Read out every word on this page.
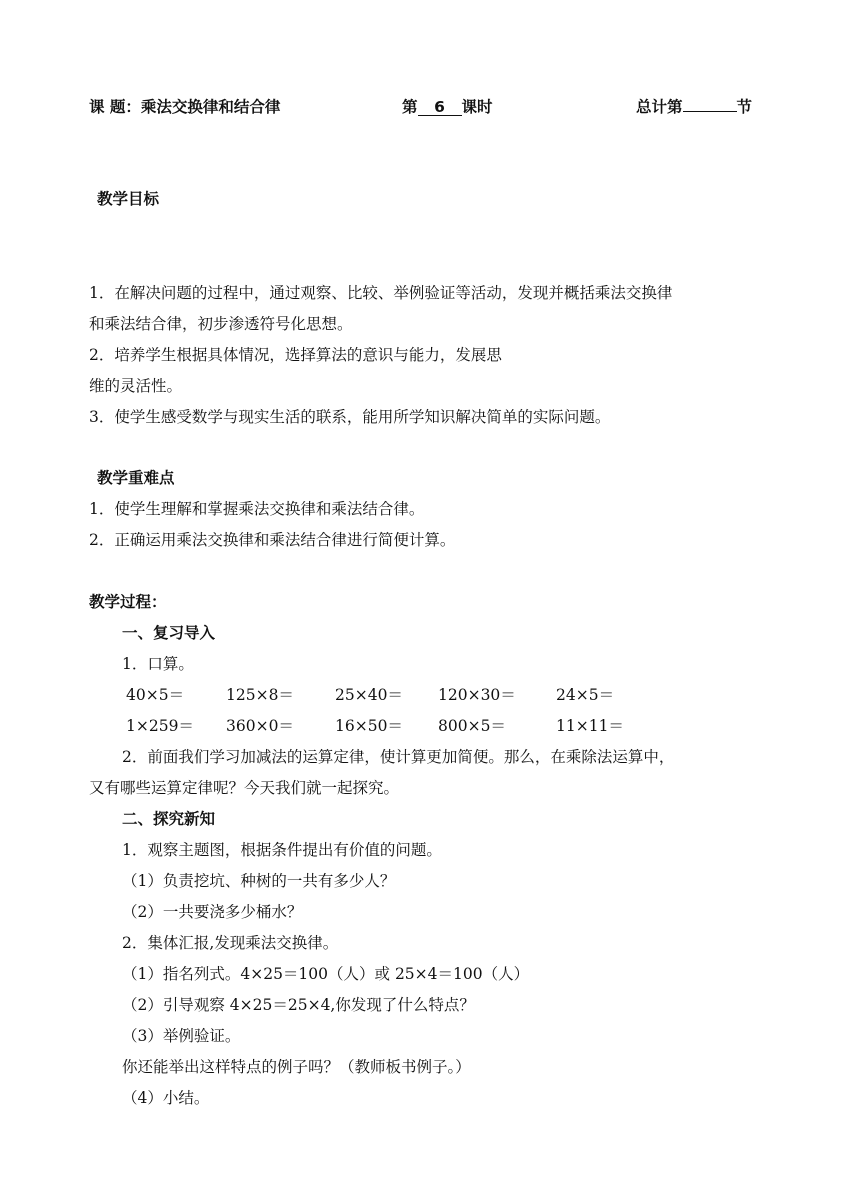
课 题：乘法交换律和结合律	第 6 课时	总计第	节
教学目标
1．在解决问题的过程中，通过观察、比较、举例验证等活动，发现并概括乘法交换律
和乘法结合律，初步渗透符号化思想。
2．培养学生根据具体情况，选择算法的意识与能力，发展思
维的灵活性。
3．使学生感受数学与现实生活的联系，能用所学知识解决简单的实际问题。
教学重难点
1．使学生理解和掌握乘法交换律和乘法结合律。
2．正确运用乘法交换律和乘法结合律进行简便计算。
教学过程：
一、复习导入
1．口算。
40×5＝	125×8＝	25×40＝ 120×30＝	24×5＝
1×259＝ 360×0＝	16×50＝ 800×5＝	11×11＝
2．前面我们学习加减法的运算定律，使计算更加简便。那么，在乘除法运算中，
又有哪些运算定律呢？今天我们就一起探究。
二、探究新知
1．观察主题图，根据条件提出有价值的问题。
（1）负责挖坑、种树的一共有多少人？
（2）一共要浇多少桶水？
2．集体汇报,发现乘法交换律。
（1）指名列式。4×25＝100（人）或 25×4＝100（人）
（2）引导观察 4×25＝25×4,你发现了什么特点？
（3）举例验证。
你还能举出这样特点的例子吗？（教师板书例子。）
（4）小结。
